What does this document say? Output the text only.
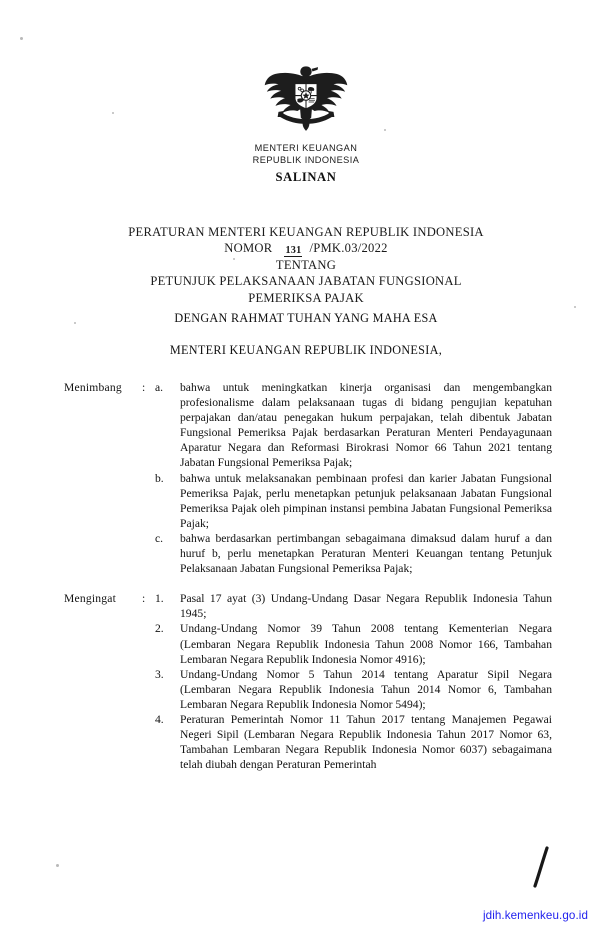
MENTERI KEUANGAN
REPUBLIK INDONESIA
SALINAN
PERATURAN MENTERI KEUANGAN REPUBLIK INDONESIA
NOMOR 131 /PMK.03/2022
TENTANG
PETUNJUK PELAKSANAAN JABATAN FUNGSIONAL
PEMERIKSA PAJAK
DENGAN RAHMAT TUHAN YANG MAHA ESA
MENTERI KEUANGAN REPUBLIK INDONESIA,
Menimbang	: a.	bahwa untuk meningkatkan kinerja organisasi dan mengembangkan profesionalisme dalam pelaksanaan tugas di bidang pengujian kepatuhan perpajakan dan/atau penegakan hukum perpajakan, telah dibentuk Jabatan Fungsional Pemeriksa Pajak berdasarkan Peraturan Menteri Pendayagunaan Aparatur Negara dan Reformasi Birokrasi Nomor 66 Tahun 2021 tentang Jabatan Fungsional Pemeriksa Pajak;
b.	bahwa untuk melaksanakan pembinaan profesi dan karier Jabatan Fungsional Pemeriksa Pajak, perlu menetapkan petunjuk pelaksanaan Jabatan Fungsional Pemeriksa Pajak oleh pimpinan instansi pembina Jabatan Fungsional Pemeriksa Pajak;
c.	bahwa berdasarkan pertimbangan sebagaimana dimaksud dalam huruf a dan huruf b, perlu menetapkan Peraturan Menteri Keuangan tentang Petunjuk Pelaksanaan Jabatan Fungsional Pemeriksa Pajak;
Mengingat	: 1.	Pasal 17 ayat (3) Undang-Undang Dasar Negara Republik Indonesia Tahun 1945;
2.	Undang-Undang Nomor 39 Tahun 2008 tentang Kementerian Negara (Lembaran Negara Republik Indonesia Tahun 2008 Nomor 166, Tambahan Lembaran Negara Republik Indonesia Nomor 4916);
3.	Undang-Undang Nomor 5 Tahun 2014 tentang Aparatur Sipil Negara (Lembaran Negara Republik Indonesia Tahun 2014 Nomor 6, Tambahan Lembaran Negara Republik Indonesia Nomor 5494);
4.	Peraturan Pemerintah Nomor 11 Tahun 2017 tentang Manajemen Pegawai Negeri Sipil (Lembaran Negara Republik Indonesia Tahun 2017 Nomor 63, Tambahan Lembaran Negara Republik Indonesia Nomor 6037) sebagaimana telah diubah dengan Peraturan Pemerintah
jdih.kemenkeu.go.id
